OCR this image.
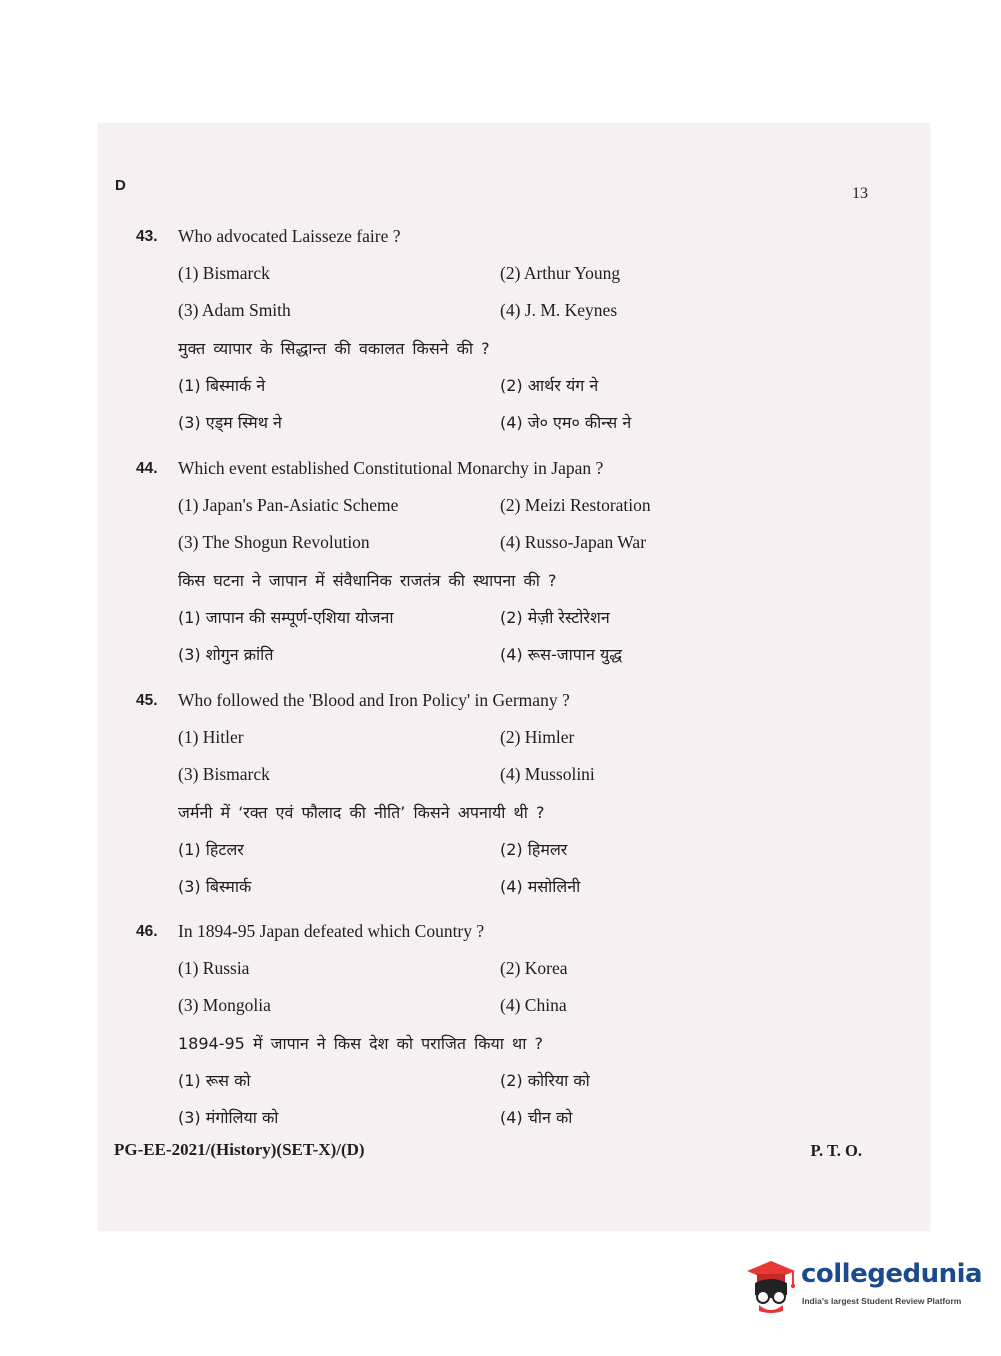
D	13
43.	Who advocated Laisseze faire ?
(1) Bismarck	(2) Arthur Young
(3) Adam Smith	(4) J. M. Keynes
मुक्त व्यापार के सिद्धान्त की वकालत किसने की ?
(1) बिस्मार्क ने	(2) आर्थर यंग ने
(3) एड्म स्मिथ ने	(4) जे० एम० कीन्स ने
44.	Which event established Constitutional Monarchy in Japan ?
(1) Japan's Pan-Asiatic Scheme	(2) Meizi Restoration
(3) The Shogun Revolution	(4) Russo-Japan War
किस घटना ने जापान में संवैधानिक राजतंत्र की स्थापना की ?
(1) जापान की सम्पूर्ण-एशिया योजना	(2) मेज़ी रेस्टोरेशन
(3) शोगुन क्रांति	(4) रूस-जापान युद्ध
45.	Who followed the 'Blood and Iron Policy' in Germany ?
(1) Hitler	(2) Himler
(3) Bismarck	(4) Mussolini
जर्मनी में ‘रक्त एवं फौलाद की नीति’ किसने अपनायी थी ?
(1) हिटलर	(2) हिमलर
(3) बिस्मार्क	(4) मसोलिनी
46.	In 1894-95 Japan defeated which Country ?
(1) Russia	(2) Korea
(3) Mongolia	(4) China
1894-95 में जापान ने किस देश को पराजित किया था ?
(1) रूस को	(2) कोरिया को
(3) मंगोलिया को	(4) चीन को
PG-EE-2021/(History)(SET-X)/(D)	P. T. O.
collegedunia
India's largest Student Review Platform
